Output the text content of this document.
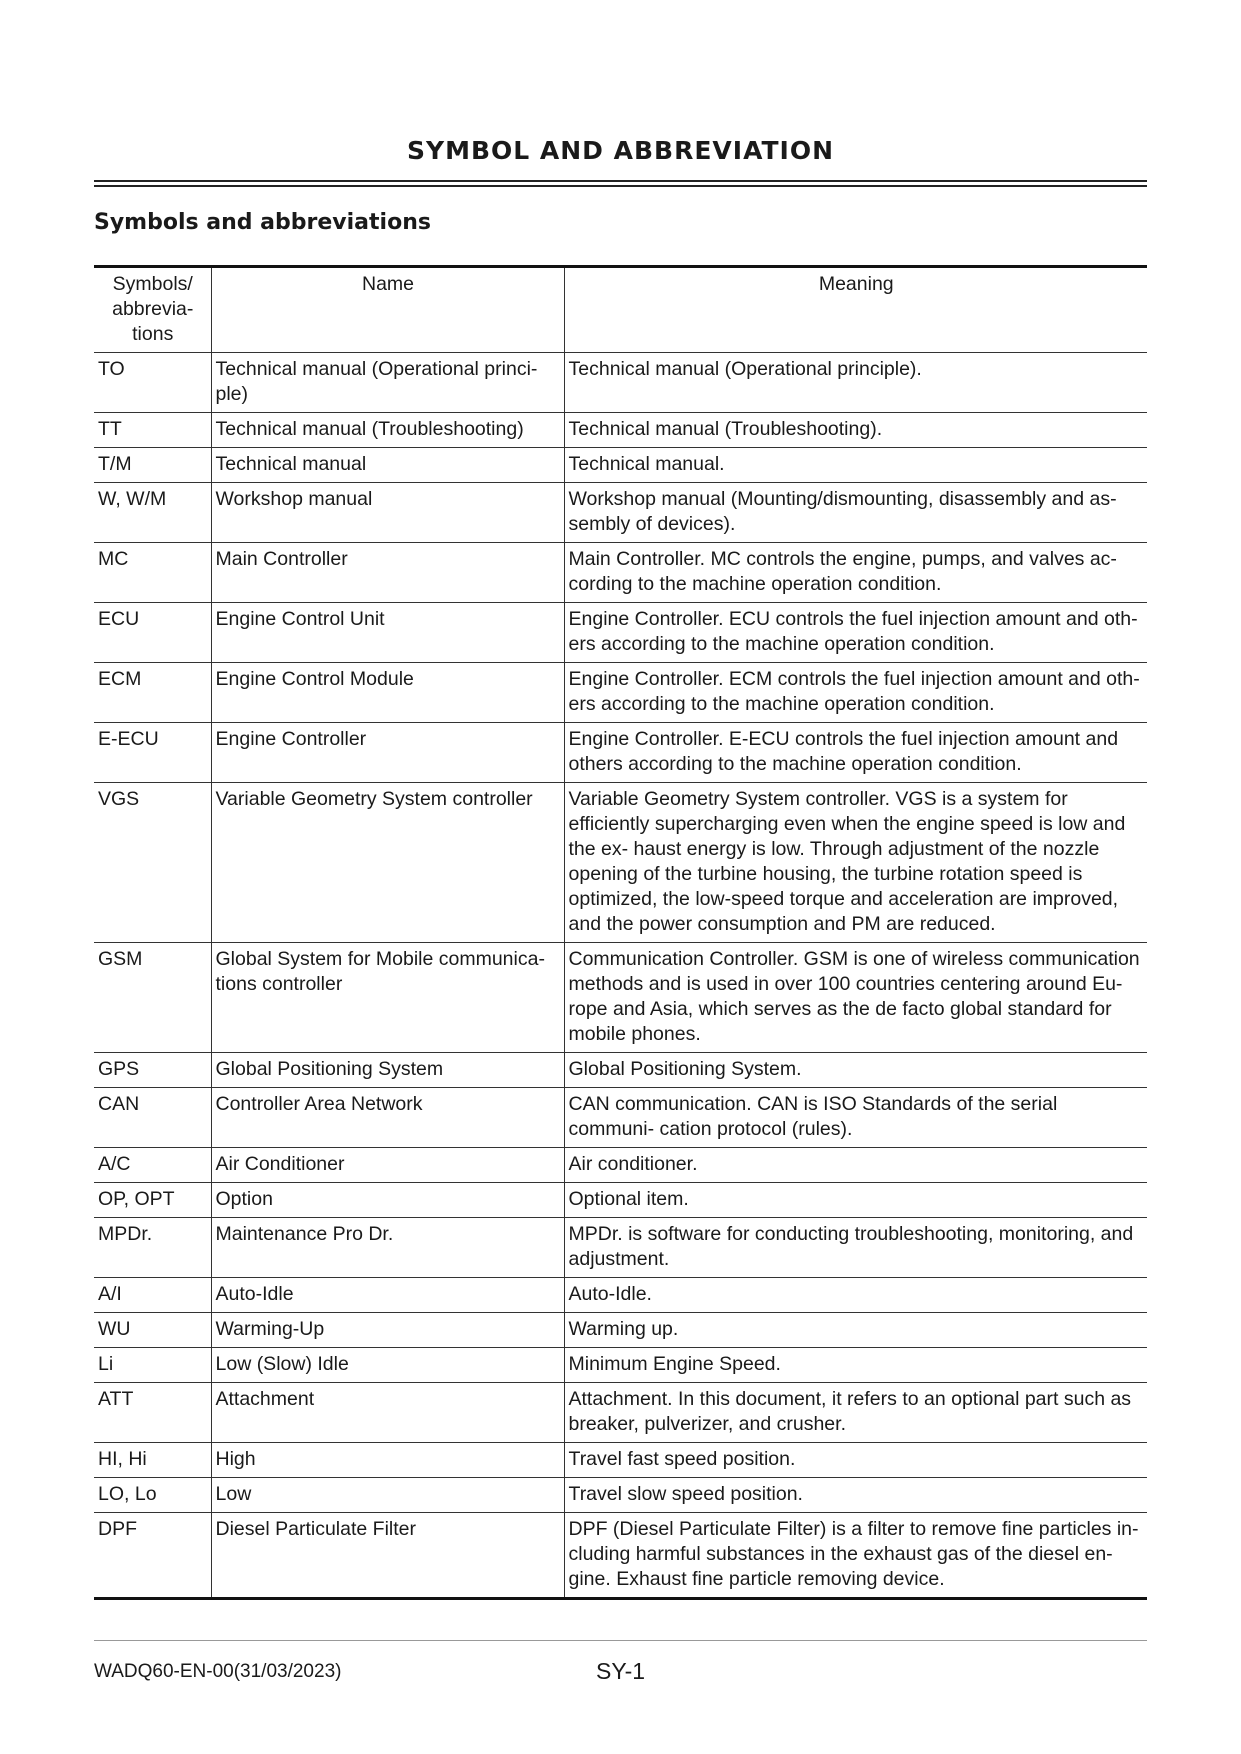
SYMBOL AND ABBREVIATION
Symbols and abbreviations
Symbols/ abbrevia- tions	Name	Meaning
TO	Technical manual (Operational princi- ple)	Technical manual (Operational principle).
TT	Technical manual (Troubleshooting)	Technical manual (Troubleshooting).
T/M	Technical manual	Technical manual.
W, W/M	Workshop manual	Workshop manual (Mounting/dismounting, disassembly and as- sembly of devices).
MC	Main Controller	Main Controller. MC controls the engine, pumps, and valves ac- cording to the machine operation condition.
ECU	Engine Control Unit	Engine Controller. ECU controls the fuel injection amount and oth- ers according to the machine operation condition.
ECM	Engine Control Module	Engine Controller. ECM controls the fuel injection amount and oth- ers according to the machine operation condition.
E-ECU	Engine Controller	Engine Controller. E-ECU controls the fuel injection amount and others according to the machine operation condition.
VGS	Variable Geometry System controller	Variable Geometry System controller. VGS is a system for efficiently supercharging even when the engine speed is low and the ex- haust energy is low. Through adjustment of the nozzle opening of the turbine housing, the turbine rotation speed is optimized, the low-speed torque and acceleration are improved, and the power consumption and PM are reduced.
GSM	Global System for Mobile communica- tions controller	Communication Controller. GSM is one of wireless communication methods and is used in over 100 countries centering around Eu- rope and Asia, which serves as the de facto global standard for mobile phones.
GPS	Global Positioning System	Global Positioning System.
CAN	Controller Area Network	CAN communication. CAN is ISO Standards of the serial communi- cation protocol (rules).
A/C	Air Conditioner	Air conditioner.
OP, OPT	Option	Optional item.
MPDr.	Maintenance Pro Dr.	MPDr. is software for conducting troubleshooting, monitoring, and adjustment.
A/I	Auto-Idle	Auto-Idle.
WU	Warming-Up	Warming up.
Li	Low (Slow) Idle	Minimum Engine Speed.
ATT	Attachment	Attachment. In this document, it refers to an optional part such as breaker, pulverizer, and crusher.
HI, Hi	High	Travel fast speed position.
LO, Lo	Low	Travel slow speed position.
DPF	Diesel Particulate Filter	DPF (Diesel Particulate Filter) is a filter to remove fine particles in- cluding harmful substances in the exhaust gas of the diesel en- gine. Exhaust fine particle removing device.
WADQ60-EN-00(31/03/2023)	SY-1
